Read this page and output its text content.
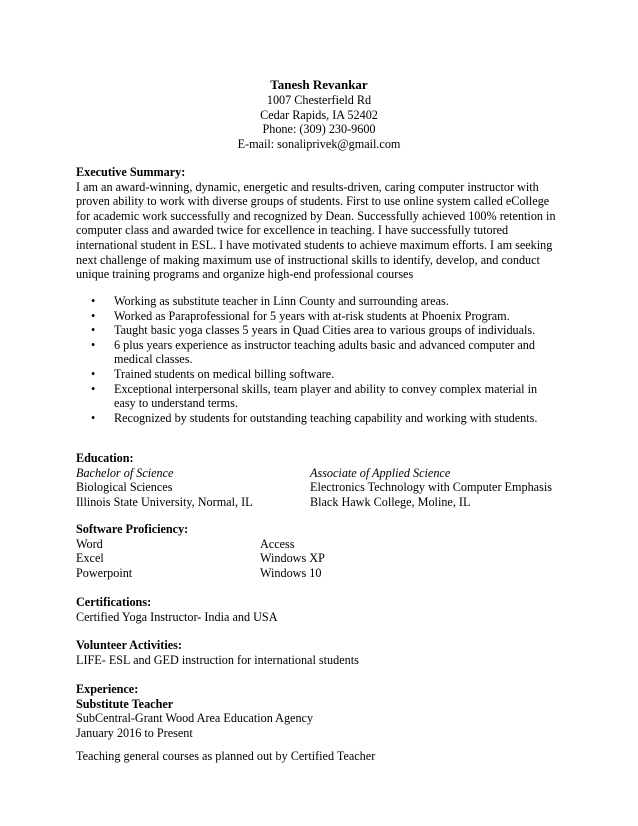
Tanesh Revankar
1007 Chesterfield Rd
Cedar Rapids, IA 52402
Phone: (309) 230-9600
E-mail: sonaliprivek@gmail.com
Executive Summary:
I am an award-winning, dynamic, energetic and results-driven, caring computer instructor with proven ability to work with diverse groups of students. First to use online system called eCollege for academic work successfully and recognized by Dean. Successfully achieved 100% retention in computer class and awarded twice for excellence in teaching. I have successfully tutored international student in ESL. I have motivated students to achieve maximum efforts. I am seeking next challenge of making maximum use of instructional skills to identify, develop, and conduct unique training programs and organize high-end professional courses
• Working as substitute teacher in Linn County and surrounding areas.
• Worked as Paraprofessional for 5 years with at-risk students at Phoenix Program.
• Taught basic yoga classes 5 years in Quad Cities area to various groups of individuals.
• 6 plus years experience as instructor teaching adults basic and advanced computer and medical classes.
• Trained students on medical billing software.
• Exceptional interpersonal skills, team player and ability to convey complex material in easy to understand terms.
• Recognized by students for outstanding teaching capability and working with students.
Education:
Bachelor of Science	Associate of Applied Science
Biological Sciences	Electronics Technology with Computer Emphasis
Illinois State University, Normal, IL	Black Hawk College, Moline, IL
Software Proficiency:
Word	Access
Excel	Windows XP
Powerpoint	Windows 10
Certifications:
Certified Yoga Instructor- India and USA
Volunteer Activities:
LIFE- ESL and GED instruction for international students
Experience:
Substitute Teacher
SubCentral-Grant Wood Area Education Agency
January 2016 to Present
Teaching general courses as planned out by Certified Teacher
